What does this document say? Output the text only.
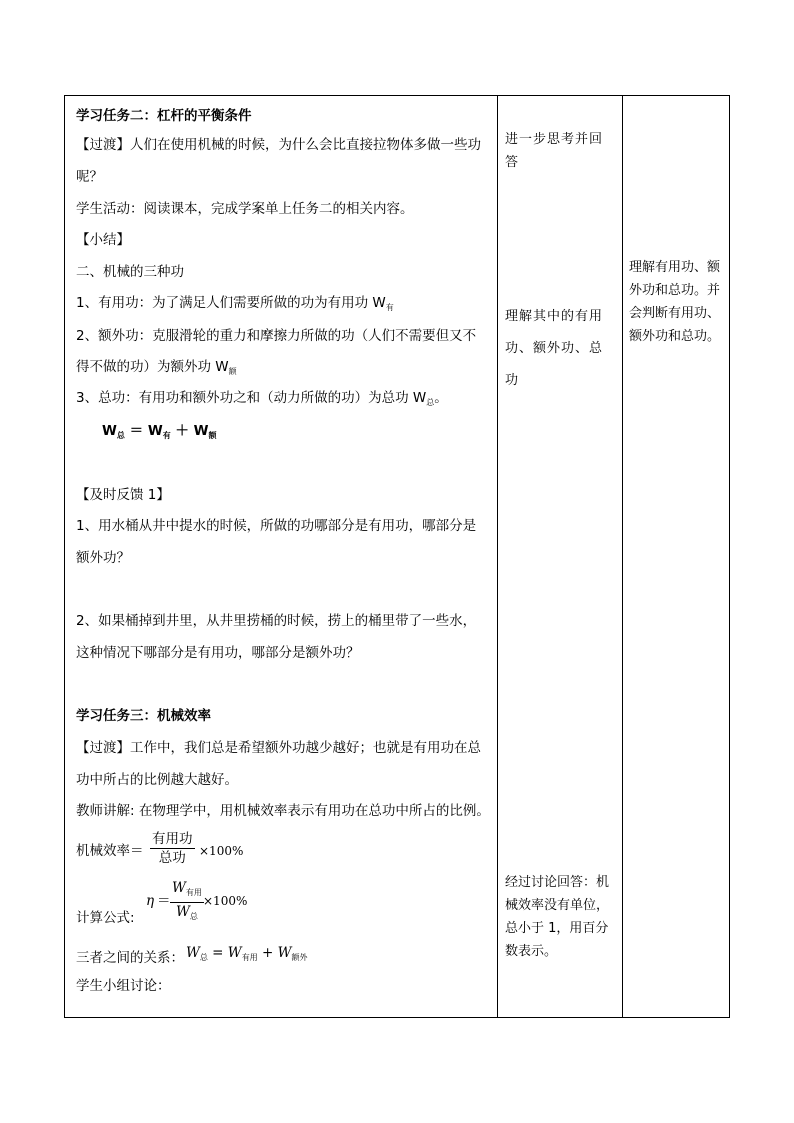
学习任务二：杠杆的平衡条件
【过渡】人们在使用机械的时候，为什么会比直接拉物体多做一些功
呢？
学生活动：阅读课本，完成学案单上任务二的相关内容。
【小结】
二、机械的三种功
1、有用功：为了满足人们需要所做的功为有用功 $W_有$
2、额外功：克服滑轮的重力和摩擦力所做的功（人们不需要但又不
得不做的功）为额外功 $W_额$
3、总功：有用功和额外功之和（动力所做的功）为总功 $W_总$。
$W_总 = W_有 + W_额$
【及时反馈 1】
1、用水桶从井中提水的时候，所做的功哪部分是有用功，哪部分是
额外功？
2、如果桶掉到井里，从井里捞桶的时候，捞上的桶里带了一些水，
这种情况下哪部分是有用功，哪部分是额外功？
学习任务三：机械效率
【过渡】工作中，我们总是希望额外功越少越好；也就是有用功在总
功中所占的比例越大越好。
教师讲解: 在物理学中，用机械效率表示有用功在总功中所占的比例。
机械效率＝
有用功
总功	×100%
计算公式:
η ＝
$W_{有用}$
$W_总$
×100%
三者之间的关系： $W_总 = W_{有用} + W_{额外}$
学生小组讨论：
进一步思考并回答
理解其中的有用功、额外功、总功
经过讨论回答：机械效率没有单位，总小于 1，用百分数表示。
理解有用功、额外功和总功。并会判断有用功、额外功和总功。
